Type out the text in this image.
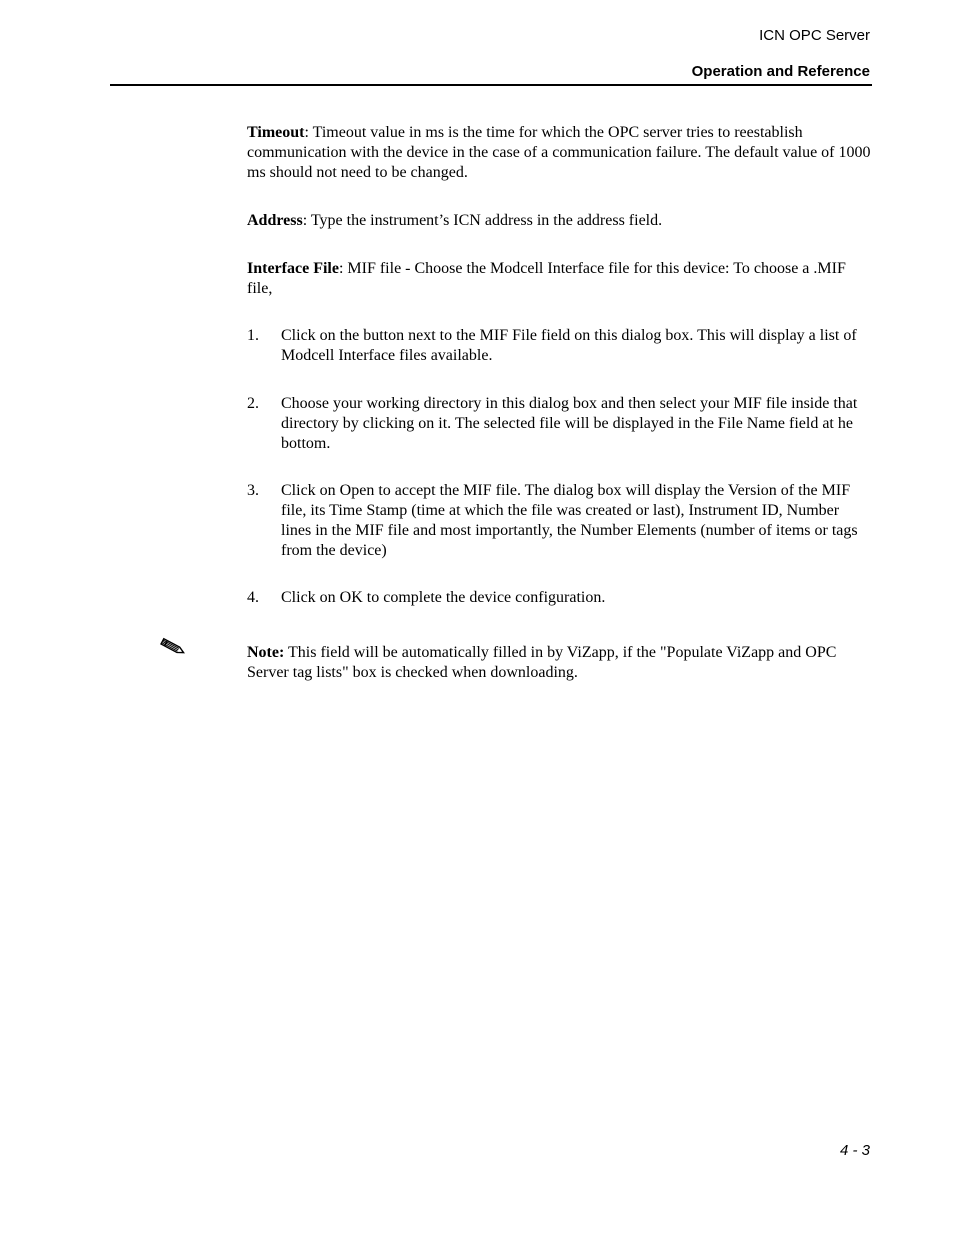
ICN OPC Server
Operation and Reference

Timeout: Timeout value in ms is the time for which the OPC server tries to reestablish communication with the device in the case of a communication failure. The default value of 1000 ms should not need to be changed.

Address: Type the instrument’s ICN address in the address field.

Interface File: MIF file - Choose the Modcell Interface file for this device: To choose a .MIF file,

1. Click on the button next to the MIF File field on this dialog box. This will display a list of Modcell Interface files available.
2. Choose your working directory in this dialog box and then select your MIF file inside that directory by clicking on it. The selected file will be displayed in the File Name field at he bottom.
3. Click on Open to accept the MIF file. The dialog box will display the Version of the MIF file, its Time Stamp (time at which the file was created or last), Instrument ID, Number lines in the MIF file and most importantly, the Number Elements (number of items or tags from the device)
4. Click on OK to complete the device configuration.

Note: This field will be automatically filled in by ViZapp, if the "Populate ViZapp and OPC Server tag lists" box is checked when downloading.

4 - 3
